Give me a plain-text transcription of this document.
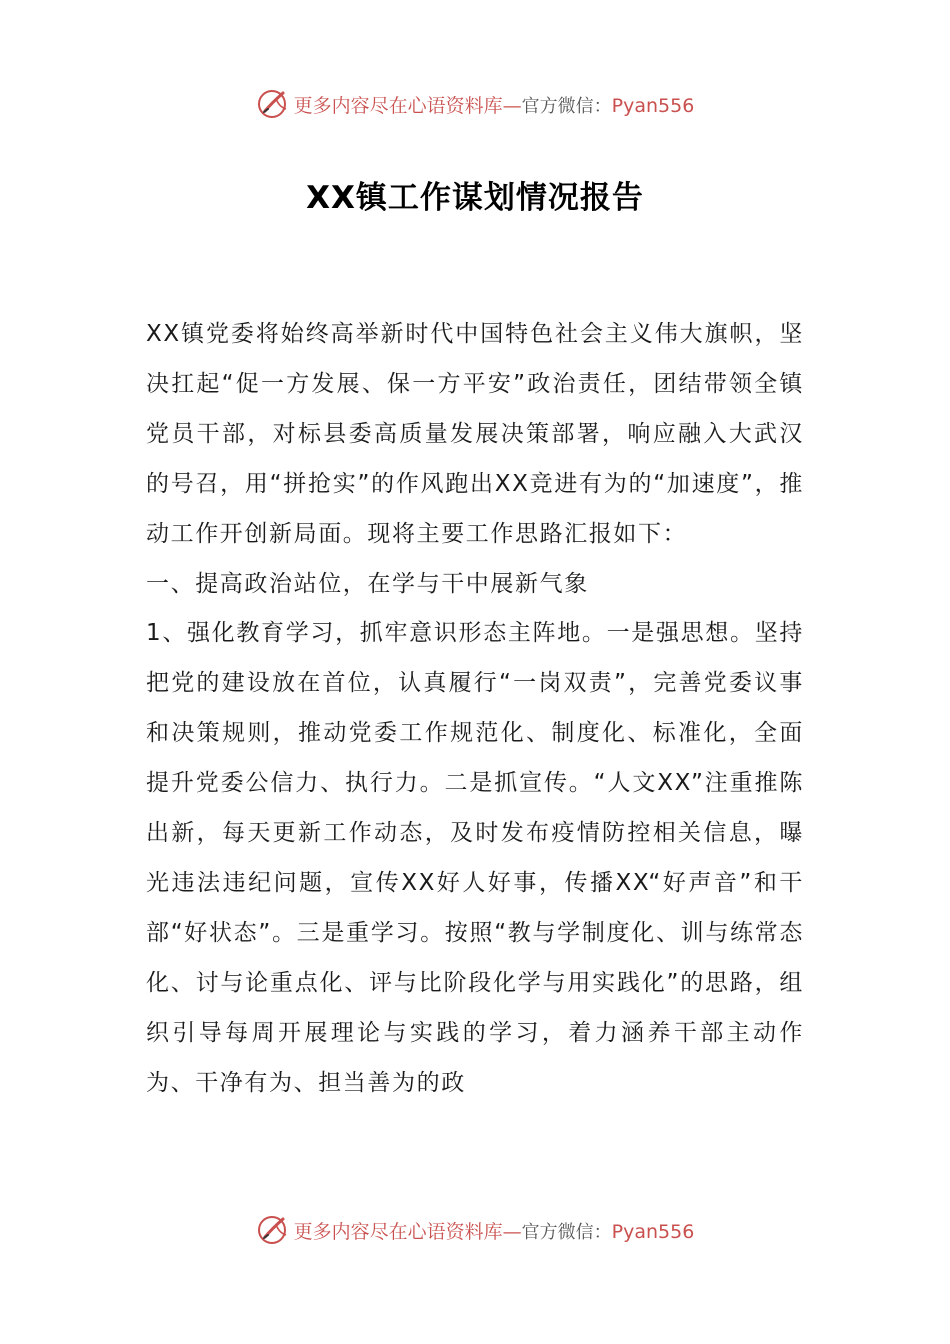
更多内容尽在心语资料库—官方微信：Pyan556
XX镇工作谋划情况报告

XX镇党委将始终高举新时代中国特色社会主义伟大旗帜，坚决扛起“促一方发展、保一方平安”政治责任，团结带领全镇党员干部，对标县委高质量发展决策部署，响应融入大武汉的号召，用“拼抢实”的作风跑出XX竞进有为的“加速度”，推动工作开创新局面。现将主要工作思路汇报如下：

一、提高政治站位，在学与干中展新气象

1、强化教育学习，抓牢意识形态主阵地。一是强思想。坚持把党的建设放在首位，认真履行“一岗双责”，完善党委议事和决策规则，推动党委工作规范化、制度化、标准化，全面提升党委公信力、执行力。二是抓宣传。“人文XX”注重推陈出新，每天更新工作动态，及时发布疫情防控相关信息，曝光违法违纪问题，宣传XX好人好事，传播XX“好声音”和干部“好状态”。三是重学习。按照“教与学制度化、训与练常态化、讨与论重点化、评与比阶段化学与用实践化”的思路，组织引导每周开展理论与实践的学习，着力涵养干部主动作为、干净有为、担当善为的政

更多内容尽在心语资料库—官方微信：Pyan556
